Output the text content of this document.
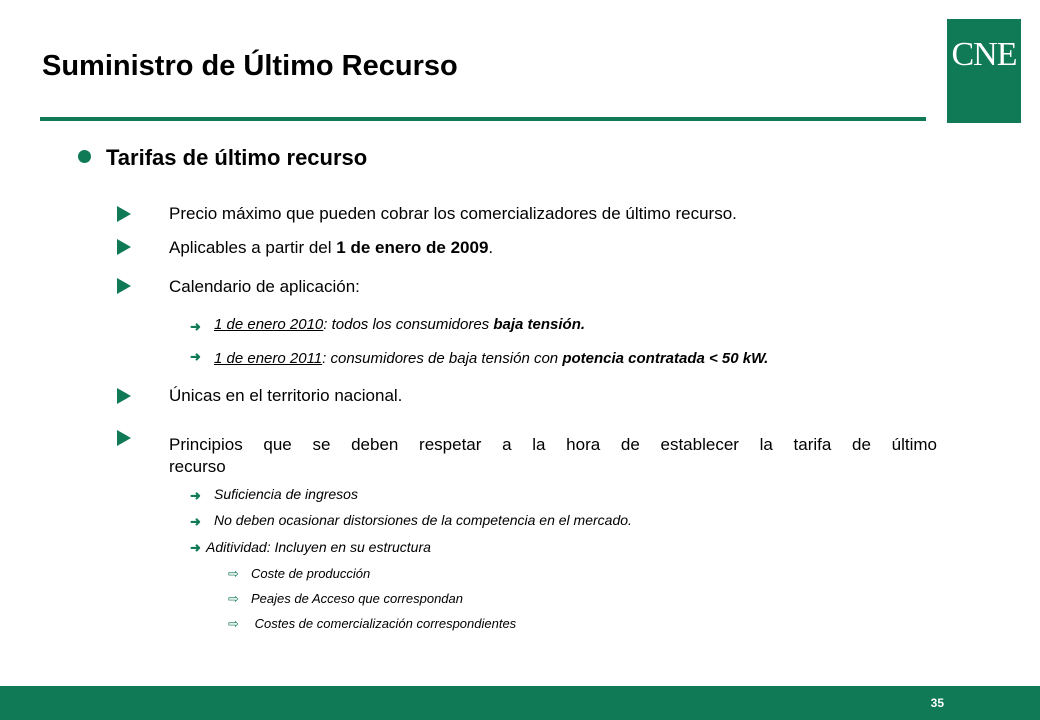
Suministro de Último Recurso	CNE
Tarifas de último recurso
Precio máximo que pueden cobrar los comercializadores de último recurso.
Aplicables a partir del 1 de enero de 2009.
Calendario de aplicación:
➜ 1 de enero 2010: todos los consumidores baja tensión.
➜ 1 de enero 2011: consumidores de baja tensión con potencia contratada < 50 kW.
Únicas en el territorio nacional.
Principios que se deben respetar a la hora de establecer la tarifa de último
recurso
➜ Suficiencia de ingresos
➜ No deben ocasionar distorsiones de la competencia en el mercado.
➜ Aditividad: Incluyen en su estructura
⇨ Coste de producción
⇨ Peajes de Acceso que correspondan
⇨ Costes de comercialización correspondientes
35
